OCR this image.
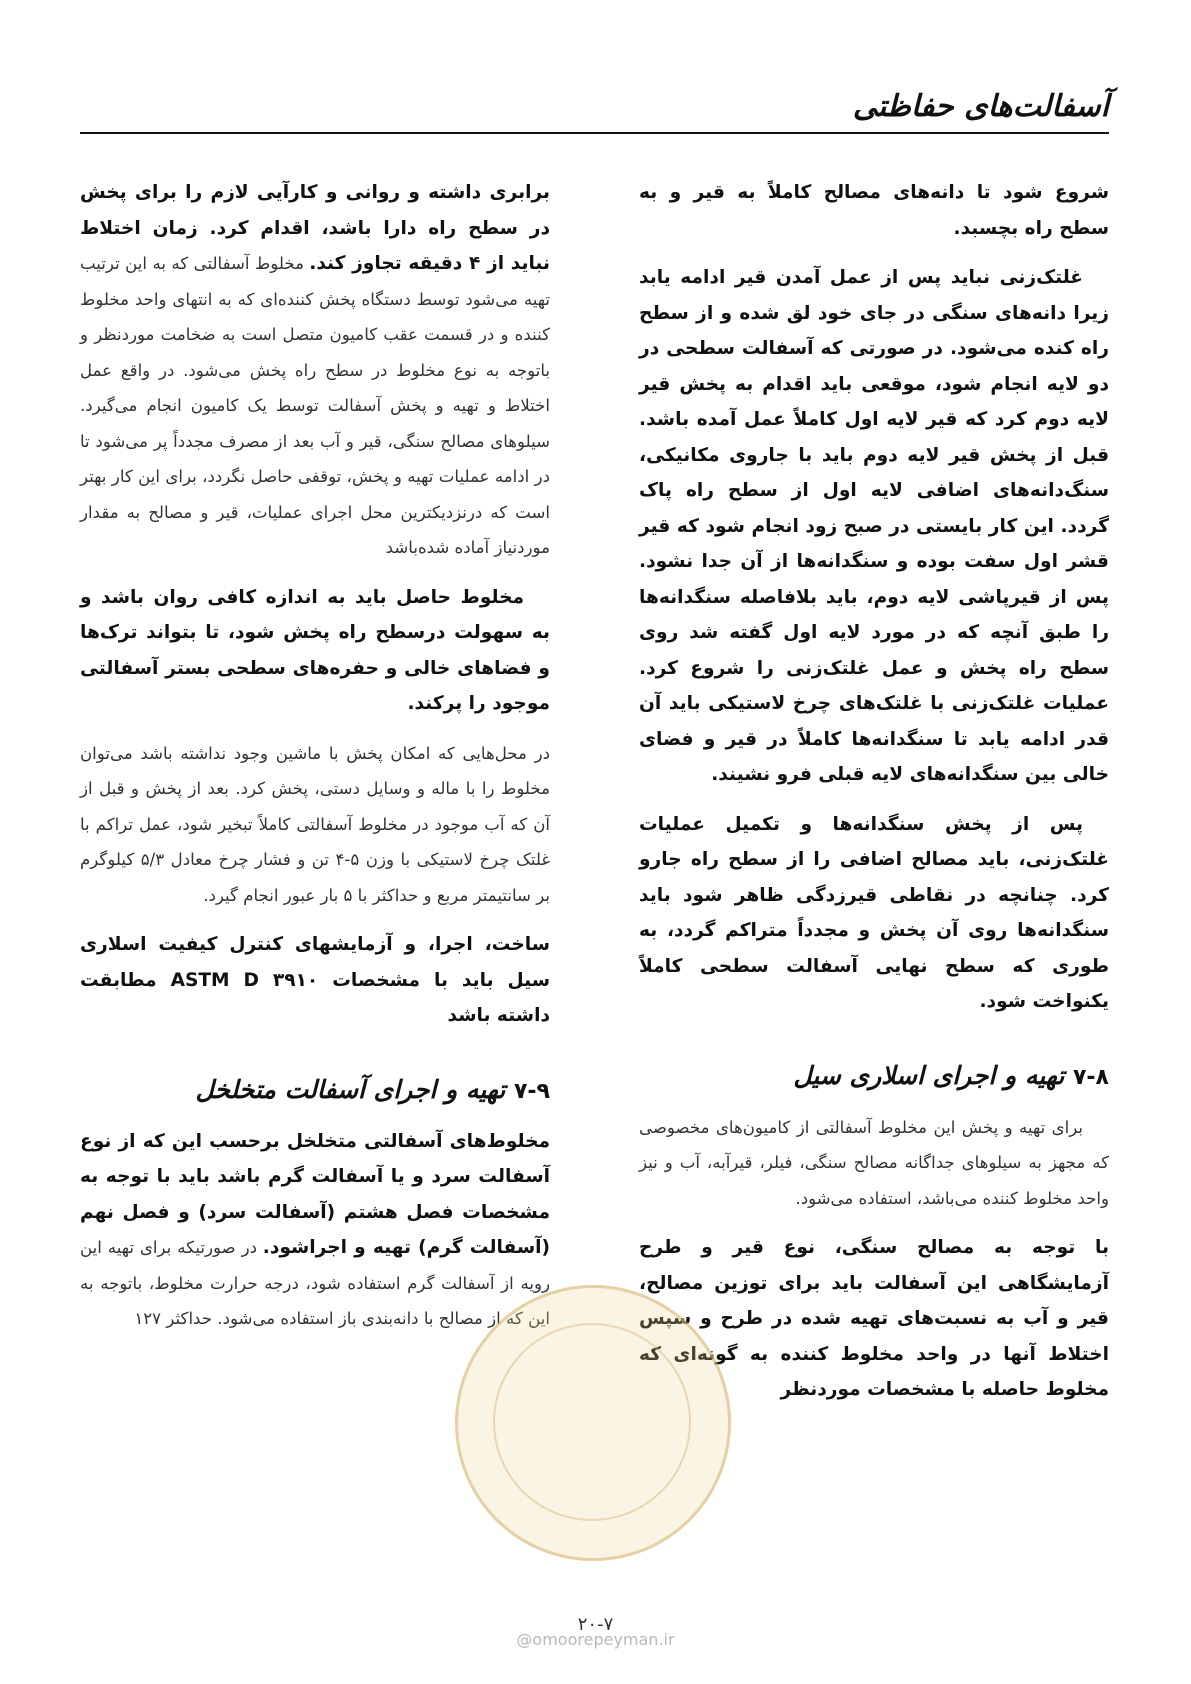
آسفالت‌های حفاظتی

شروع شود تا دانه‌های مصالح کاملاً به قیر و به سطح راه بچسبد.

غلتک‌زنی نباید پس از عمل آمدن قیر ادامه یابد زیرا دانه‌های سنگی در جای خود لق شده و از سطح راه کنده می‌شود. در صورتی که آسفالت سطحی در دو لایه انجام شود، موقعی باید اقدام به پخش قیر لایه دوم کرد که قیر لایه اول کاملاً عمل آمده باشد. قبل از پخش قیر لایه دوم باید با جاروی مکانیکی، سنگ‌دانه‌های اضافی لایه اول از سطح راه پاک گردد. این کار بایستی در صبح زود انجام شود که قیر قشر اول سفت بوده و سنگدانه‌ها از آن جدا نشود. پس از قیرپاشی لایه دوم، باید بلافاصله سنگدانه‌ها را طبق آنچه که در مورد لایه اول گفته شد روی سطح راه پخش و عمل غلتک‌زنی را شروع کرد. عملیات غلتک‌زنی با غلتک‌های چرخ لاستیکی باید آن قدر ادامه یابد تا سنگدانه‌ها کاملاً در قیر و فضای خالی بین سنگدانه‌های لایه قبلی فرو نشیند.

پس از پخش سنگدانه‌ها و تکمیل عملیات غلتک‌زنی، باید مصالح اضافی را از سطح راه جارو کرد. چنانچه در نقاطی قیرزدگی ظاهر شود باید سنگدانه‌ها روی آن پخش و مجدداً متراکم گردد، به طوری که سطح نهایی آسفالت سطحی کاملاً یکنواخت شود.

۷-۸ تهیه و اجرای اسلاری سیل

برای تهیه و پخش این مخلوط آسفالتی از کامیون‌های مخصوصی که مجهز به سیلوهای جداگانه مصالح سنگی، فیلر، قیرآبه، آب و نیز واحد مخلوط کننده می‌باشد، استفاده می‌شود.

با توجه به مصالح سنگی، نوع قیر و طرح آزمایشگاهی این آسفالت باید برای توزین مصالح، قیر و آب به نسبت‌های تهیه شده در طرح و سپس اختلاط آنها در واحد مخلوط کننده به گونه‌ای که مخلوط حاصله با مشخصات موردنظر

برابری داشته و روانی و کارآیی لازم را برای پخش در سطح راه دارا باشد، اقدام کرد. زمان اختلاط نباید از ۴ دقیقه تجاوز کند. مخلوط آسفالتی که به این ترتیب تهیه می‌شود توسط دستگاه پخش کننده‌ای که به انتهای واحد مخلوط کننده و در قسمت عقب کامیون متصل است به ضخامت موردنظر و باتوجه به نوع مخلوط در سطح راه پخش می‌شود. در واقع عمل اختلاط و تهیه و پخش آسفالت توسط یک کامیون انجام می‌گیرد. سیلوهای مصالح سنگی، قیر و آب بعد از مصرف مجدداً پر می‌شود تا در ادامه عملیات تهیه و پخش، توقفی حاصل نگردد، برای این کار بهتر است که درنزدیکترین محل اجرای عملیات، قیر و مصالح به مقدار موردنیاز آماده شده‌باشد

مخلوط حاصل باید به اندازه کافی روان باشد و به سهولت درسطح راه پخش شود، تا بتواند ترک‌ها و فضاهای خالی و حفره‌های سطحی بستر آسفالتی موجود را پرکند.

در محل‌هایی که امکان پخش با ماشین وجود نداشته باشد می‌توان مخلوط را با ماله و وسایل دستی، پخش کرد. بعد از پخش و قبل از آن که آب موجود در مخلوط آسفالتی کاملاً تبخیر شود، عمل تراکم با غلتک چرخ لاستیکی با وزن ۵-۴ تن و فشار چرخ معادل ۵/۳ کیلوگرم بر سانتیمتر مربع و حداکثر با ۵ بار عبور انجام گیرد.

ساخت، اجرا، و آزمایشهای کنترل کیفیت اسلاری سیل باید با مشخصات ASTM D ۳۹۱۰ مطابقت داشته باشد

۷-۹ تهیه و اجرای آسفالت متخلخل

مخلوط‌های آسفالتی متخلخل برحسب این که از نوع آسفالت سرد و یا آسفالت گرم باشد باید با توجه به مشخصات فصل هشتم (آسفالت سرد) و فصل نهم (آسفالت گرم) تهیه و اجراشود. در صورتیکه برای تهیه این رویه از آسفالت گرم استفاده شود، درجه حرارت مخلوط، باتوجه به این که از مصالح با دانه‌بندی باز استفاده می‌شود. حداکثر ۱۲۷

۲۰-۷
@omoorepeyman.ir
